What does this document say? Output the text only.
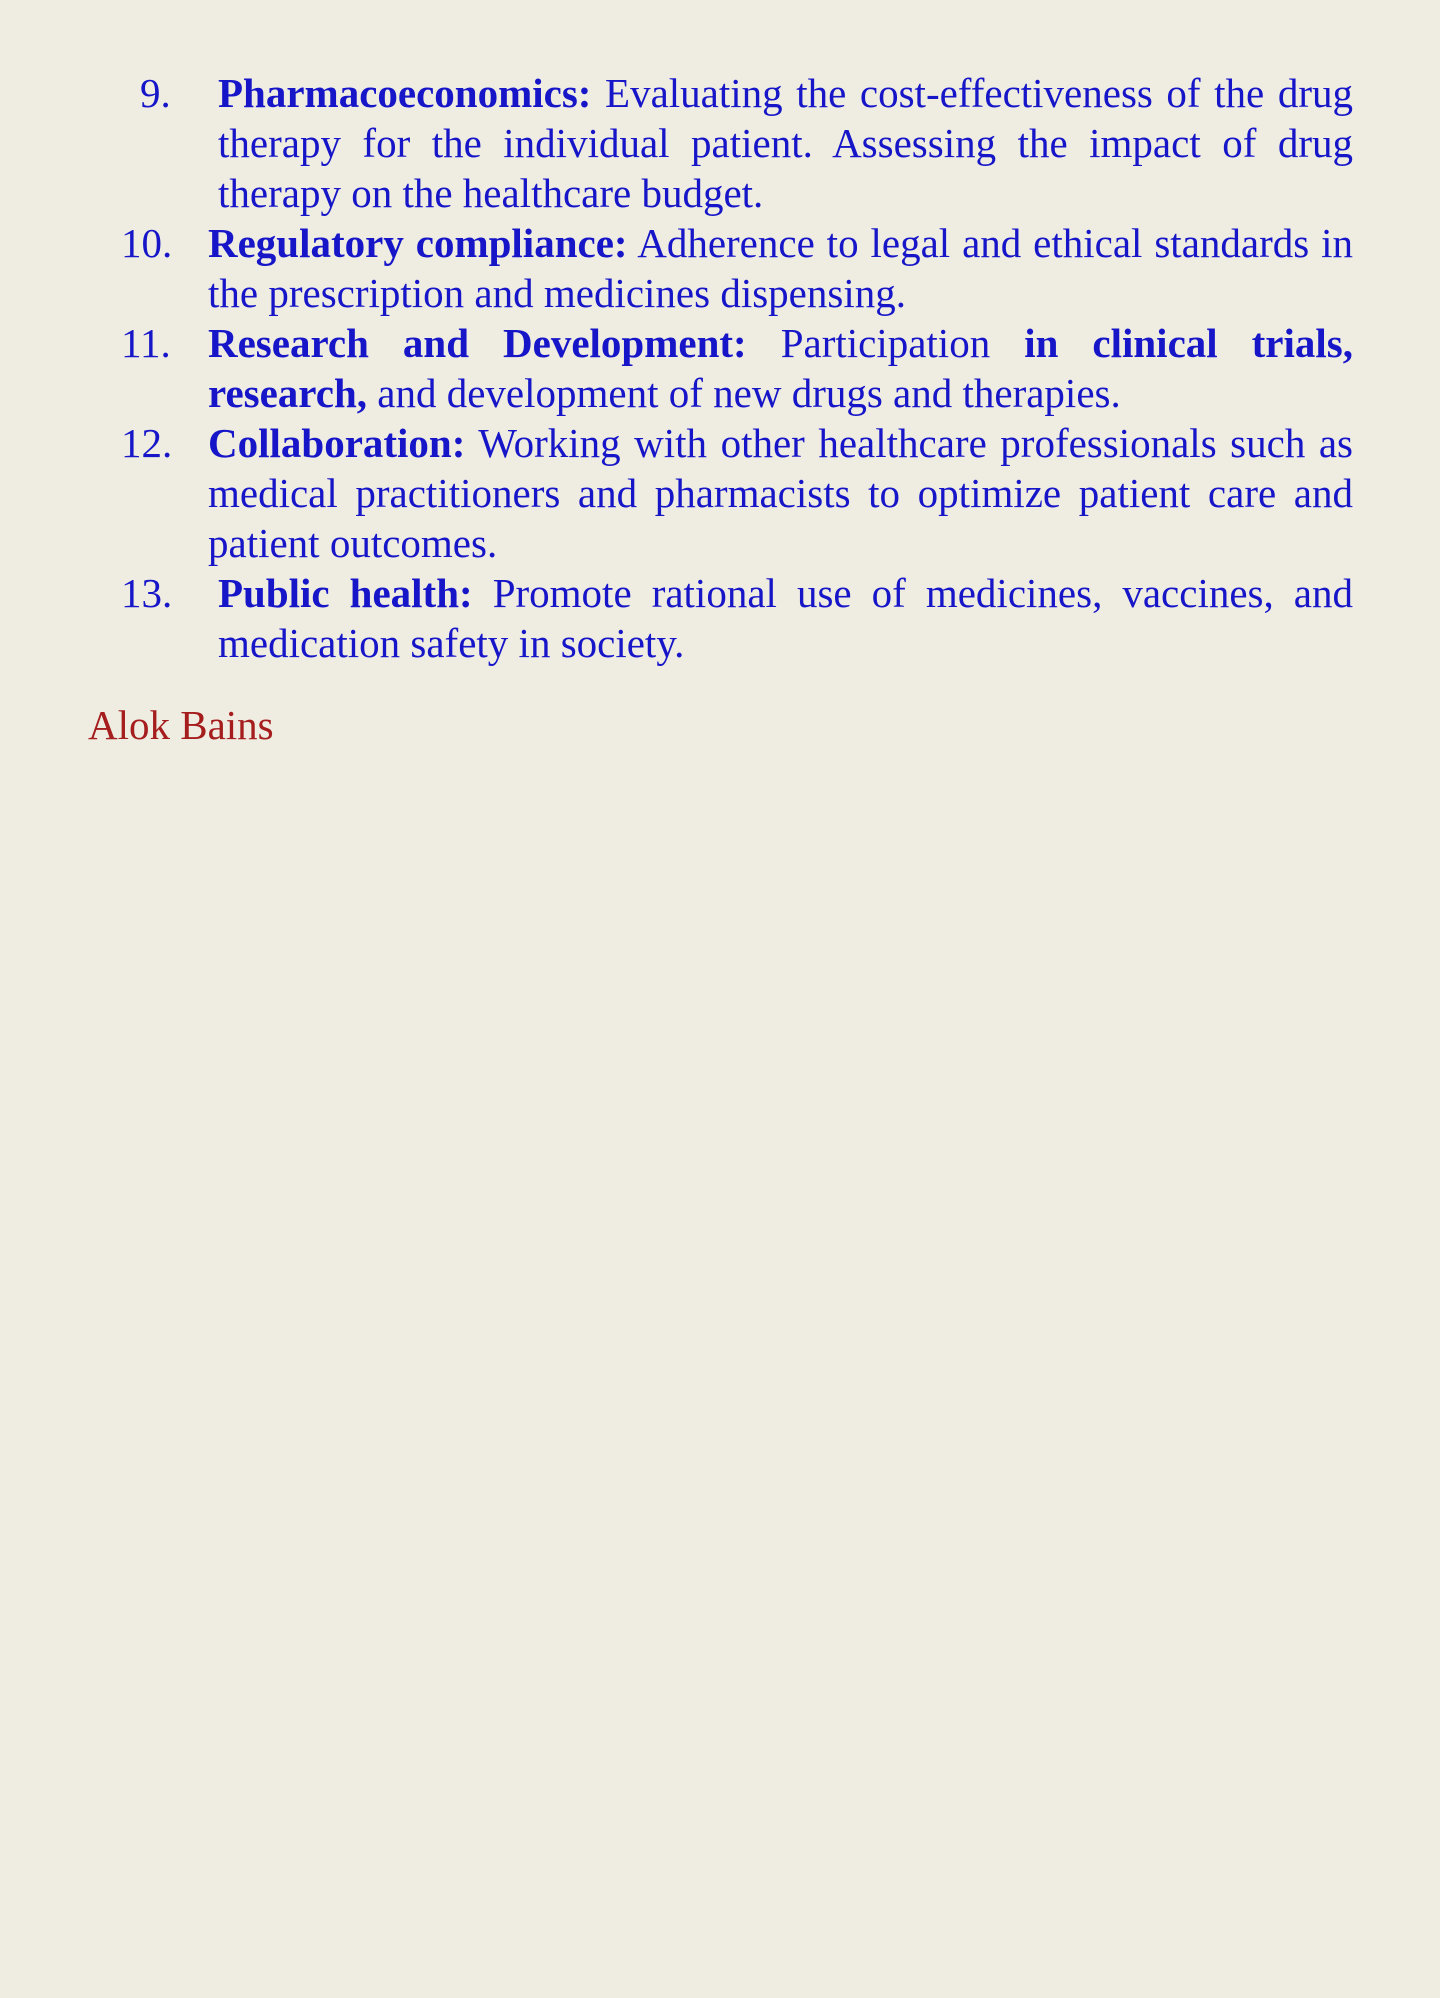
9. Pharmacoeconomics: Evaluating the cost-effectiveness of the drug therapy for the individual patient. Assessing the impact of drug therapy on the healthcare budget.
10. Regulatory compliance: Adherence to legal and ethical standards in the prescription and medicines dispensing.
11. Research and Development: Participation in clinical trials, research, and development of new drugs and therapies.
12. Collaboration: Working with other healthcare professionals such as medical practitioners and pharmacists to optimize patient care and patient outcomes.
13. Public health: Promote rational use of medicines, vaccines, and medication safety in society.
Alok Bains
